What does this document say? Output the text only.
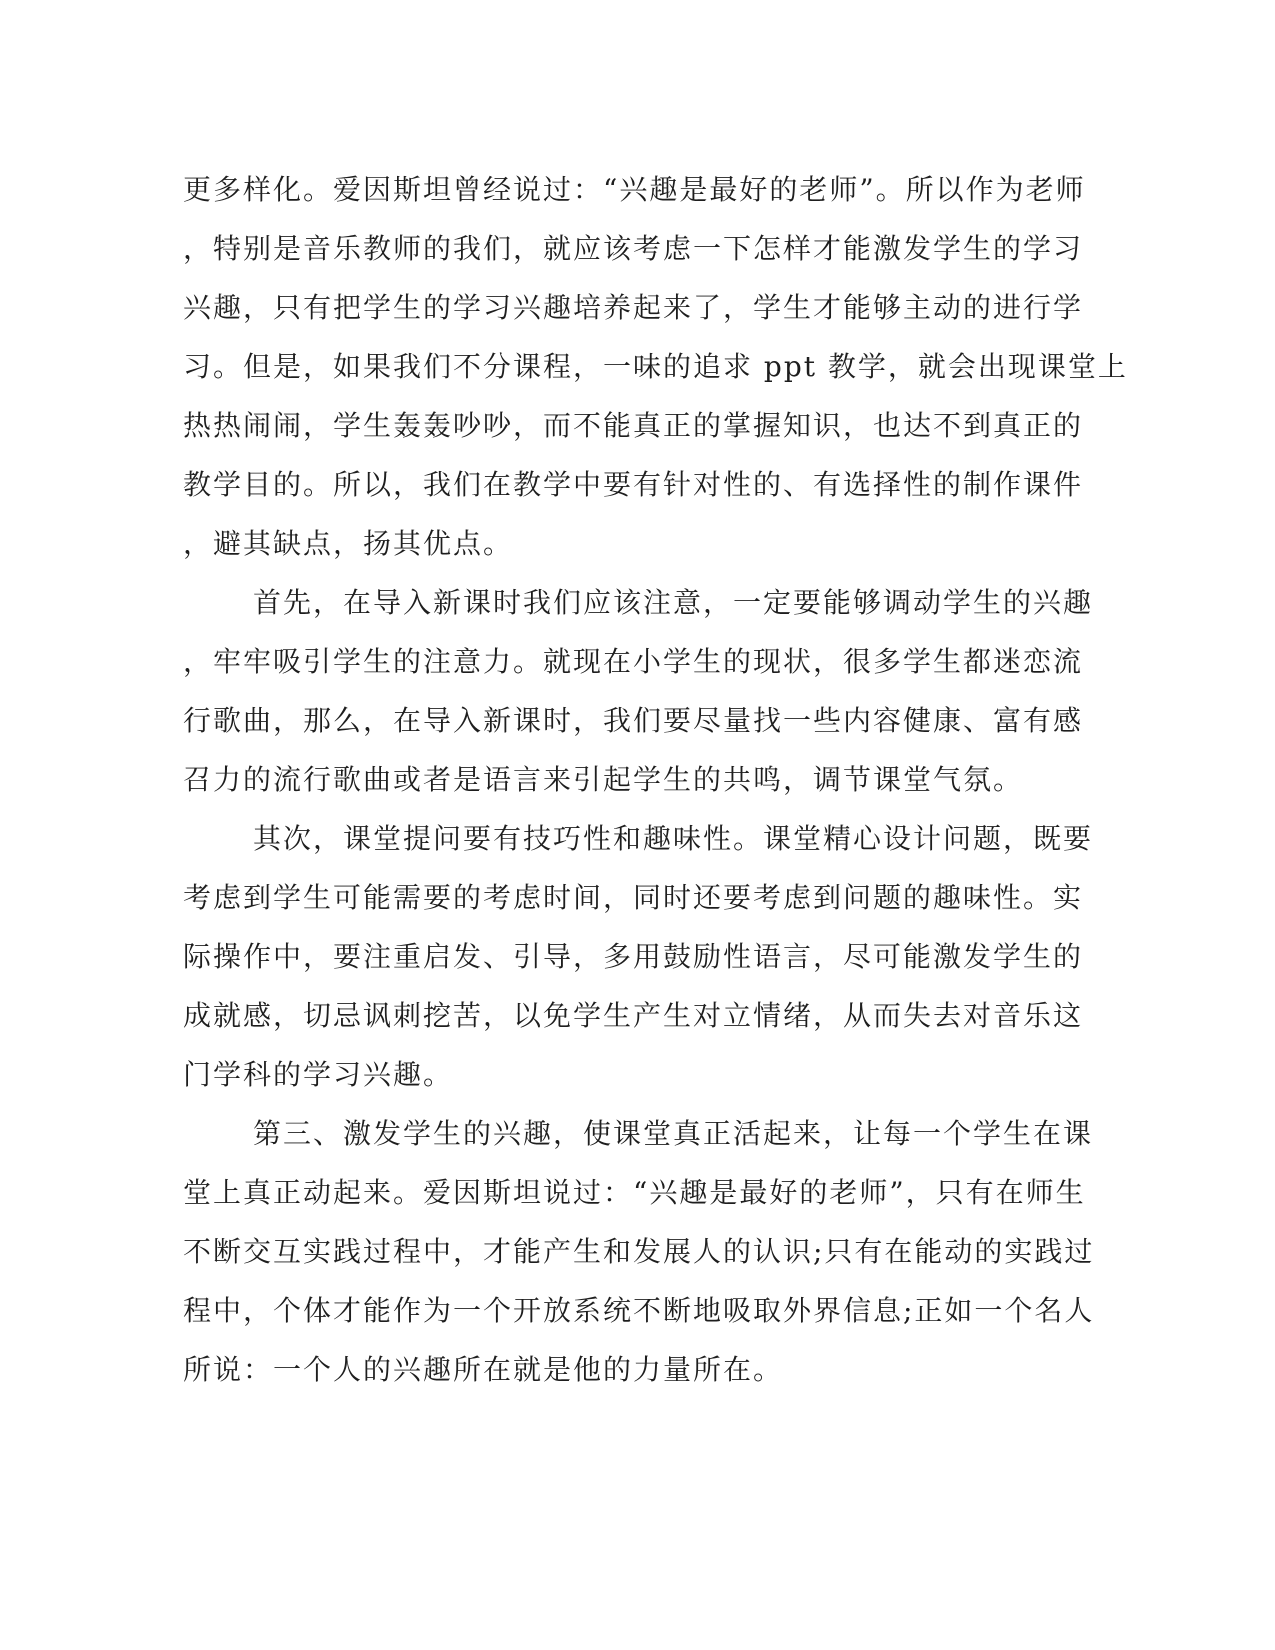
更多样化。爱因斯坦曾经说过：“兴趣是最好的老师”。所以作为老师
，特别是音乐教师的我们，就应该考虑一下怎样才能激发学生的学习
兴趣，只有把学生的学习兴趣培养起来了，学生才能够主动的进行学
习。但是，如果我们不分课程，一味的追求 ppt 教学，就会出现课堂上
热热闹闹，学生轰轰吵吵，而不能真正的掌握知识，也达不到真正的
教学目的。所以，我们在教学中要有针对性的、有选择性的制作课件
，避其缺点，扬其优点。
首先，在导入新课时我们应该注意，一定要能够调动学生的兴趣
，牢牢吸引学生的注意力。就现在小学生的现状，很多学生都迷恋流
行歌曲，那么，在导入新课时，我们要尽量找一些内容健康、富有感
召力的流行歌曲或者是语言来引起学生的共鸣，调节课堂气氛。
其次，课堂提问要有技巧性和趣味性。课堂精心设计问题，既要
考虑到学生可能需要的考虑时间，同时还要考虑到问题的趣味性。实
际操作中，要注重启发、引导，多用鼓励性语言，尽可能激发学生的
成就感，切忌讽刺挖苦，以免学生产生对立情绪，从而失去对音乐这
门学科的学习兴趣。
第三、激发学生的兴趣，使课堂真正活起来，让每一个学生在课
堂上真正动起来。爱因斯坦说过：“兴趣是最好的老师”，只有在师生
不断交互实践过程中，才能产生和发展人的认识;只有在能动的实践过
程中，个体才能作为一个开放系统不断地吸取外界信息;正如一个名人
所说：一个人的兴趣所在就是他的力量所在。
